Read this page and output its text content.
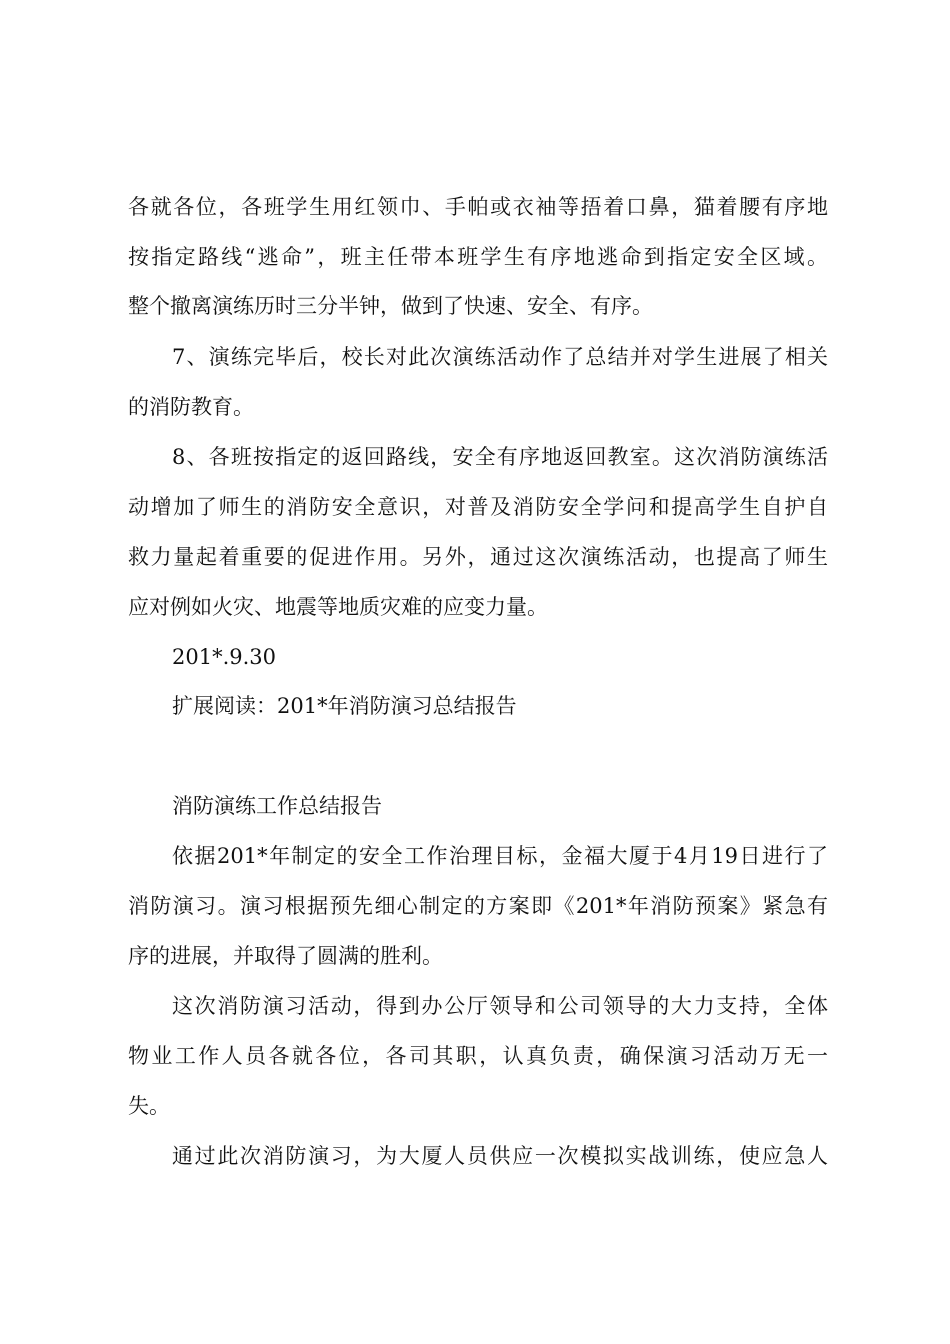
各就各位，各班学生用红领巾、手帕或衣袖等捂着口鼻，猫着腰有序地
按指定路线“逃命”，班主任带本班学生有序地逃命到指定安全区域。
整个撤离演练历时三分半钟，做到了快速、安全、有序。
7、演练完毕后，校长对此次演练活动作了总结并对学生进展了相关
的消防教育。
8、各班按指定的返回路线，安全有序地返回教室。这次消防演练活
动增加了师生的消防安全意识，对普及消防安全学问和提高学生自护自
救力量起着重要的促进作用。另外，通过这次演练活动，也提高了师生
应对例如火灾、地震等地质灾难的应变力量。
201*.9.30
扩展阅读：201*年消防演习总结报告
消防演练工作总结报告
依据201*年制定的安全工作治理目标，金福大厦于4月19日进行了
消防演习。演习根据预先细心制定的方案即《201*年消防预案》紧急有
序的进展，并取得了圆满的胜利。
这次消防演习活动，得到办公厅领导和公司领导的大力支持，全体
物业工作人员各就各位，各司其职，认真负责，确保演习活动万无一
失。
通过此次消防演习，为大厦人员供应一次模拟实战训练，使应急人
